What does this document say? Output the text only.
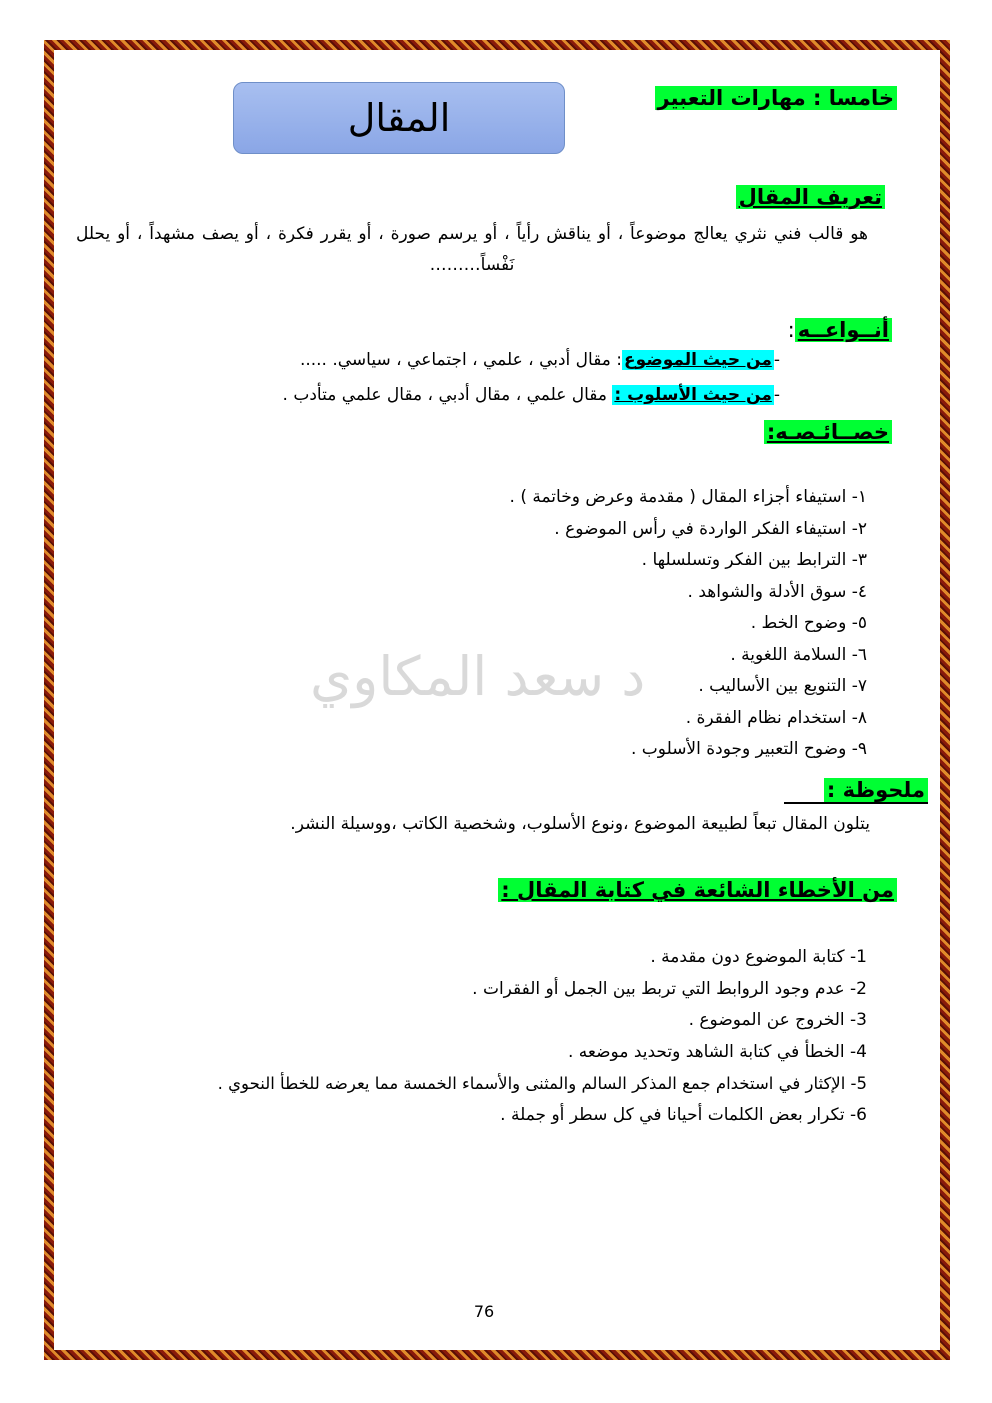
خامسا : مهارات التعبير
المقال
تعريف المقال
هو قالب فني نثري يعالج موضوعاً ، أو يناقش رأياً ، أو يرسم صورة ، أو يقرر فكرة ، أو يصف مشهداً ، أو يحلل نَفْساً………
أنــواعــه:
-من حيث الموضوع: مقال أدبي ، علمي ، اجتماعي ، سياسي. .....
-من حيث الأسلوب : مقال علمي ، مقال أدبي ، مقال علمي متأدب .
خصــائـصـه:
١- استيفاء أجزاء المقال ( مقدمة وعرض وخاتمة ) .
٢- استيفاء الفكر الواردة في رأس الموضوع .
٣- الترابط بين الفكر وتسلسلها .
٤- سوق الأدلة والشواهد .
٥- وضوح الخط .
٦- السلامة اللغوية .
٧- التنويع بين الأساليب .
٨- استخدام نظام الفقرة .
٩- وضوح التعبير وجودة الأسلوب .
د سعد المكاوي
ملحوظة :
يتلون المقال تبعاً لطبيعة الموضوع ،ونوع الأسلوب، وشخصية الكاتب ،ووسيلة النشر.
من الأخطاء الشائعة في كتابة المقال :
1- كتابة الموضوع دون مقدمة .
2- عدم وجود الروابط التي تربط بين الجمل أو الفقرات .
3- الخروج عن الموضوع .
4- الخطأ في كتابة الشاهد وتحديد موضعه .
5- الإكثار في استخدام جمع المذكر السالم والمثنى والأسماء الخمسة مما يعرضه للخطأ النحوي .
6- تكرار بعض الكلمات أحيانا في كل سطر أو جملة .
76
